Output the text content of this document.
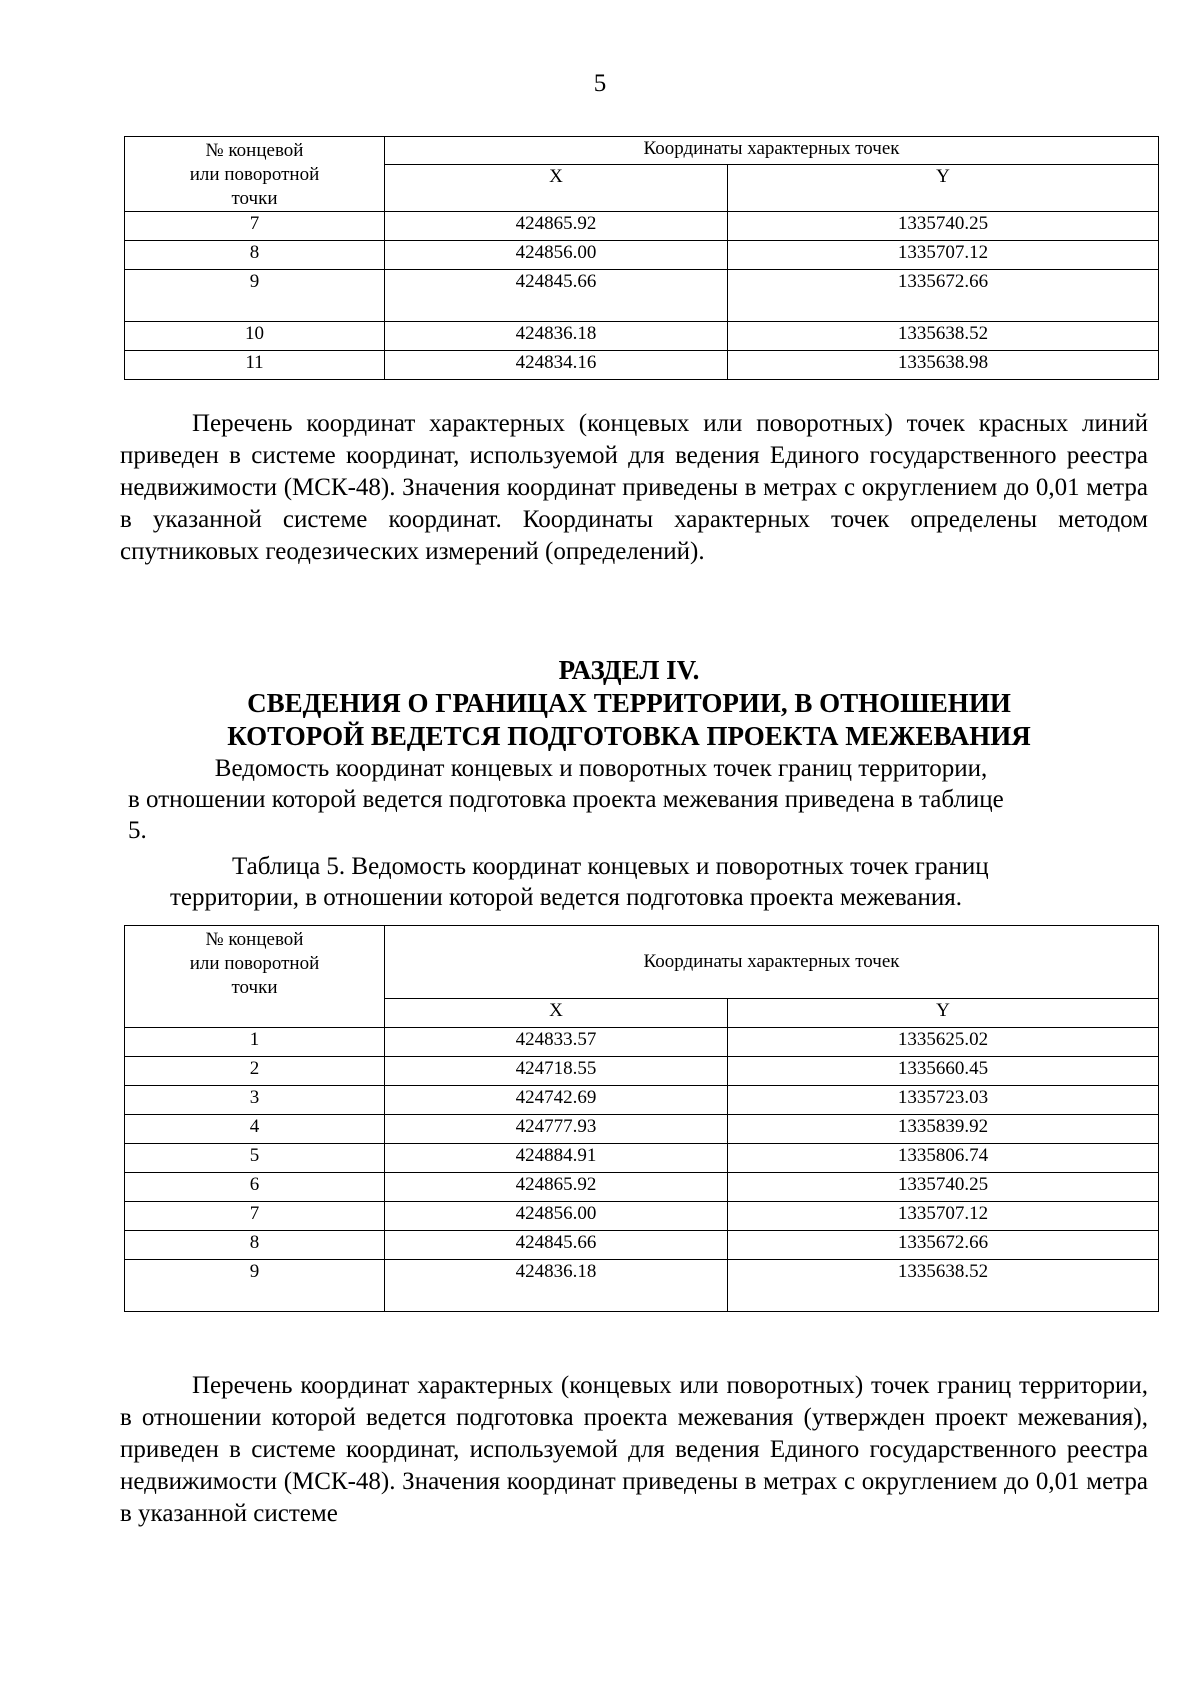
5
№ концевой
или поворотной
точки	Координаты характерных точек	
	X	Y
7	424865.92	1335740.25
8	424856.00	1335707.12
9	424845.66	1335672.66
10	424836.18	1335638.52
11	424834.16	1335638.98

Перечень координат характерных (концевых или поворотных) точек красных линий приведен в системе координат, используемой для ведения Единого государственного реестра недвижимости (МСК-48). Значения координат приведены в метрах с округлением до 0,01 метра в указанной системе координат. Координаты характерных точек определены методом спутниковых геодезических измерений (определений).

РАЗДЕЛ IV.
СВЕДЕНИЯ О ГРАНИЦАХ ТЕРРИТОРИИ, В ОТНОШЕНИИ
КОТОРОЙ ВЕДЕТСЯ ПОДГОТОВКА ПРОЕКТА МЕЖЕВАНИЯ
Ведомость координат концевых и поворотных точек границ территории,
в отношении которой ведется подготовка проекта межевания приведена в таблице
5.
Таблица 5. Ведомость координат концевых и поворотных точек границ
территории, в отношении которой ведется подготовка проекта межевания.
№ концевой
или поворотной
точки	Координаты характерных точек	
	X	Y
1	424833.57	1335625.02
2	424718.55	1335660.45
3	424742.69	1335723.03
4	424777.93	1335839.92
5	424884.91	1335806.74
6	424865.92	1335740.25
7	424856.00	1335707.12
8	424845.66	1335672.66
9	424836.18	1335638.52

Перечень координат характерных (концевых или поворотных) точек границ территории, в отношении которой ведется подготовка проекта межевания (утвержден проект межевания), приведен в системе координат, используемой для ведения Единого государственного реестра недвижимости (МСК-48). Значения координат приведены в метрах с округлением до 0,01 метра в указанной системе
